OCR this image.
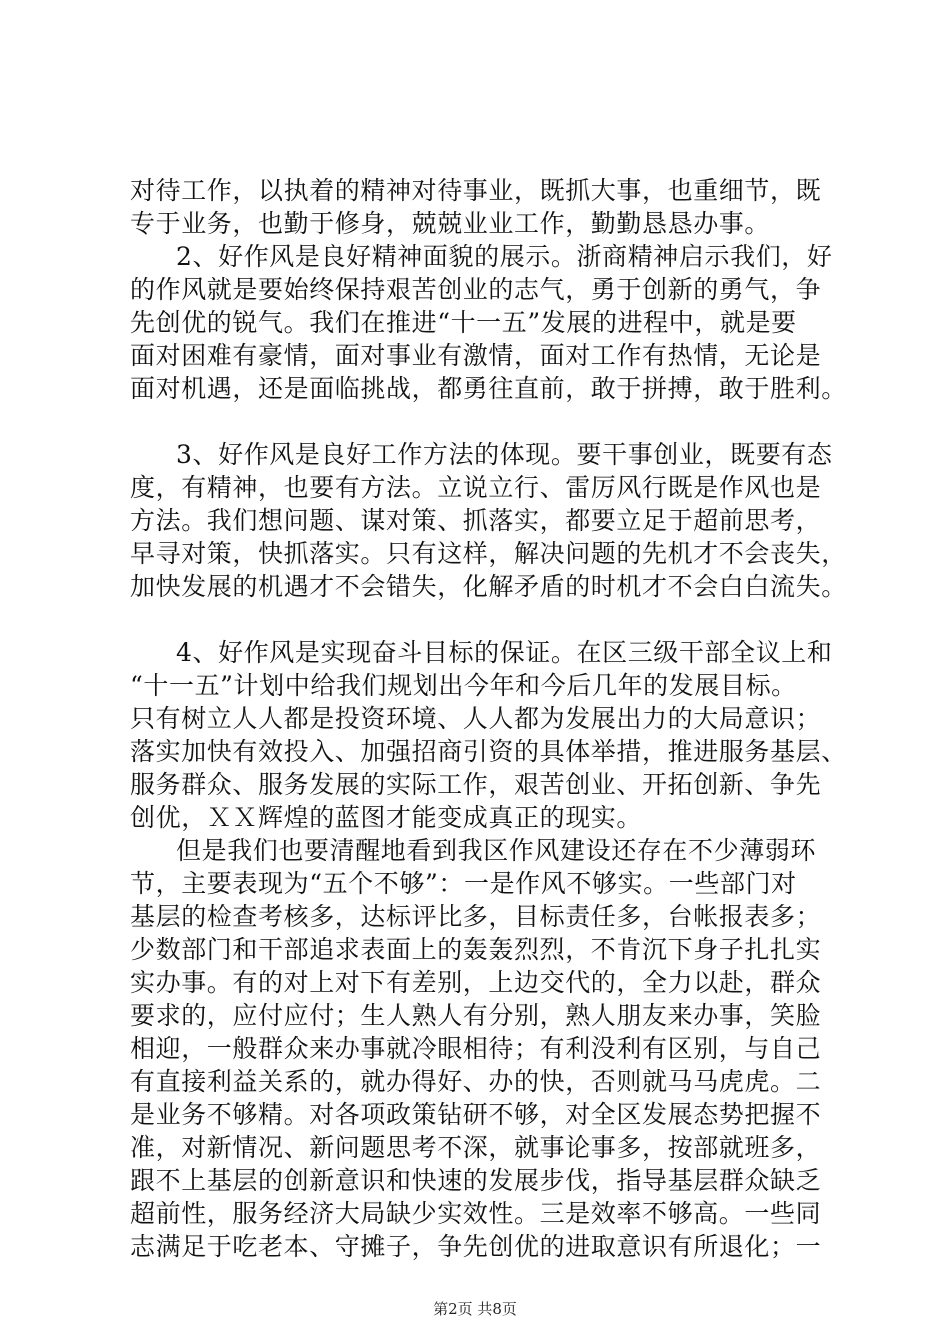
对待工作，以执着的精神对待事业，既抓大事，也重细节，既
专于业务，也勤于修身，兢兢业业工作，勤勤恳恳办事。
2、好作风是良好精神面貌的展示。浙商精神启示我们，好
的作风就是要始终保持艰苦创业的志气，勇于创新的勇气，争
先创优的锐气。我们在推进“十一五”发展的进程中，就是要
面对困难有豪情，面对事业有激情，面对工作有热情，无论是
面对机遇，还是面临挑战，都勇往直前，敢于拼搏，敢于胜利。
3、好作风是良好工作方法的体现。要干事创业，既要有态
度，有精神，也要有方法。立说立行、雷厉风行既是作风也是
方法。我们想问题、谋对策、抓落实，都要立足于超前思考，
早寻对策，快抓落实。只有这样，解决问题的先机才不会丧失，
加快发展的机遇才不会错失，化解矛盾的时机才不会白白流失。
4、好作风是实现奋斗目标的保证。在区三级干部全议上和
“十一五”计划中给我们规划出今年和今后几年的发展目标。
只有树立人人都是投资环境、人人都为发展出力的大局意识；
落实加快有效投入、加强招商引资的具体举措，推进服务基层、
服务群众、服务发展的实际工作，艰苦创业、开拓创新、争先
创优，ＸＸ辉煌的蓝图才能变成真正的现实。
但是我们也要清醒地看到我区作风建设还存在不少薄弱环
节，主要表现为“五个不够”：一是作风不够实。一些部门对
基层的检查考核多，达标评比多，目标责任多，台帐报表多；
少数部门和干部追求表面上的轰轰烈烈，不肯沉下身子扎扎实
实办事。有的对上对下有差别，上边交代的，全力以赴，群众
要求的，应付应付；生人熟人有分别，熟人朋友来办事，笑脸
相迎，一般群众来办事就冷眼相待；有利没利有区别，与自己
有直接利益关系的，就办得好、办的快，否则就马马虎虎。二
是业务不够精。对各项政策钻研不够，对全区发展态势把握不
准，对新情况、新问题思考不深，就事论事多，按部就班多，
跟不上基层的创新意识和快速的发展步伐，指导基层群众缺乏
超前性，服务经济大局缺少实效性。三是效率不够高。一些同
志满足于吃老本、守摊子，争先创优的进取意识有所退化；一
第2页 共8页
